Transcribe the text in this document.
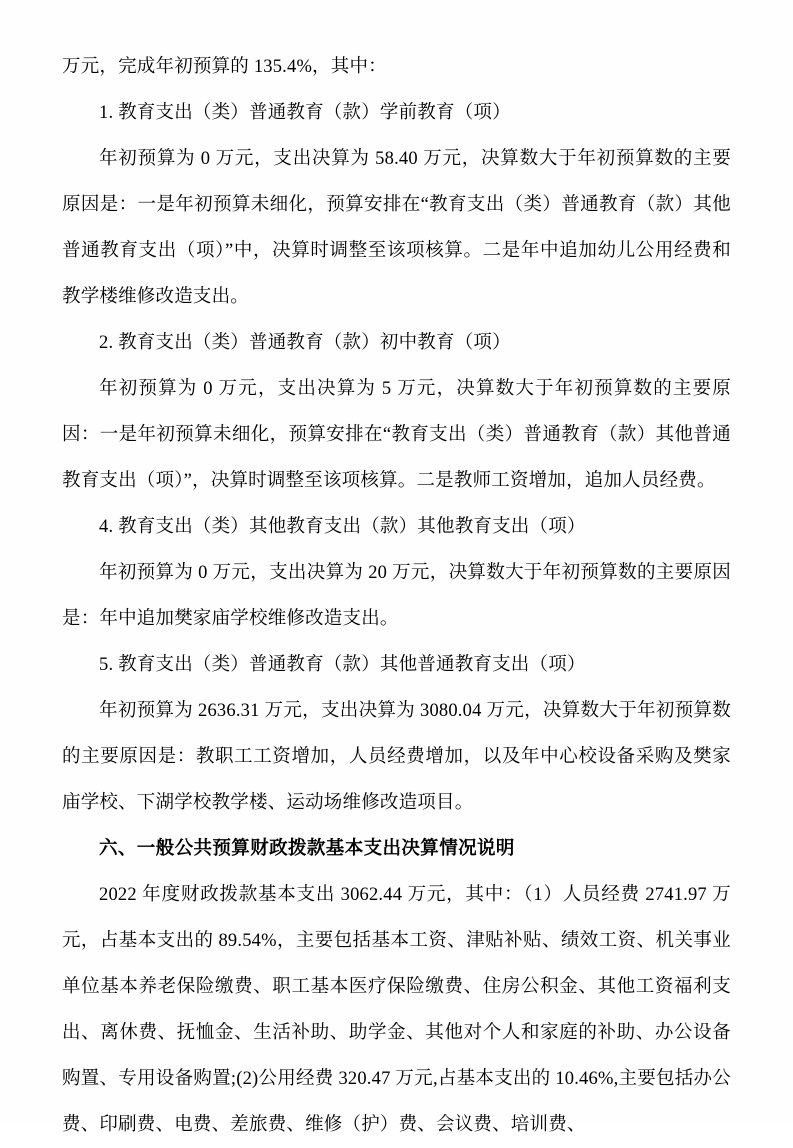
万元，完成年初预算的 135.4%，其中：

1. 教育支出（类）普通教育（款）学前教育（项）

年初预算为 0 万元，支出决算为 58.40 万元，决算数大于年初预算数的主要原因是：一是年初预算未细化，预算安排在“教育支出（类）普通教育（款）其他普通教育支出（项）”中，决算时调整至该项核算。二是年中追加幼儿公用经费和教学楼维修改造支出。

2. 教育支出（类）普通教育（款）初中教育（项）

年初预算为 0 万元，支出决算为 5 万元，决算数大于年初预算数的主要原因：一是年初预算未细化，预算安排在“教育支出（类）普通教育（款）其他普通教育支出（项）”，决算时调整至该项核算。二是教师工资增加，追加人员经费。

4. 教育支出（类）其他教育支出（款）其他教育支出（项）

年初预算为 0 万元，支出决算为 20 万元，决算数大于年初预算数的主要原因是：年中追加樊家庙学校维修改造支出。

5. 教育支出（类）普通教育（款）其他普通教育支出（项）

年初预算为 2636.31 万元，支出决算为 3080.04 万元，决算数大于年初预算数的主要原因是：教职工工资增加，人员经费增加，以及年中心校设备采购及樊家庙学校、下湖学校教学楼、运动场维修改造项目。

六、一般公共预算财政拨款基本支出决算情况说明

2022 年度财政拨款基本支出 3062.44 万元，其中：（1）人员经费 2741.97 万元，占基本支出的 89.54%，主要包括基本工资、津贴补贴、绩效工资、机关事业单位基本养老保险缴费、职工基本医疗保险缴费、住房公积金、其他工资福利支出、离休费、抚恤金、生活补助、助学金、其他对个人和家庭的补助、办公设备购置、专用设备购置;(2)公用经费 320.47 万元,占基本支出的 10.46%,主要包括办公费、印刷费、电费、差旅费、维修（护）费、会议费、培训费、
